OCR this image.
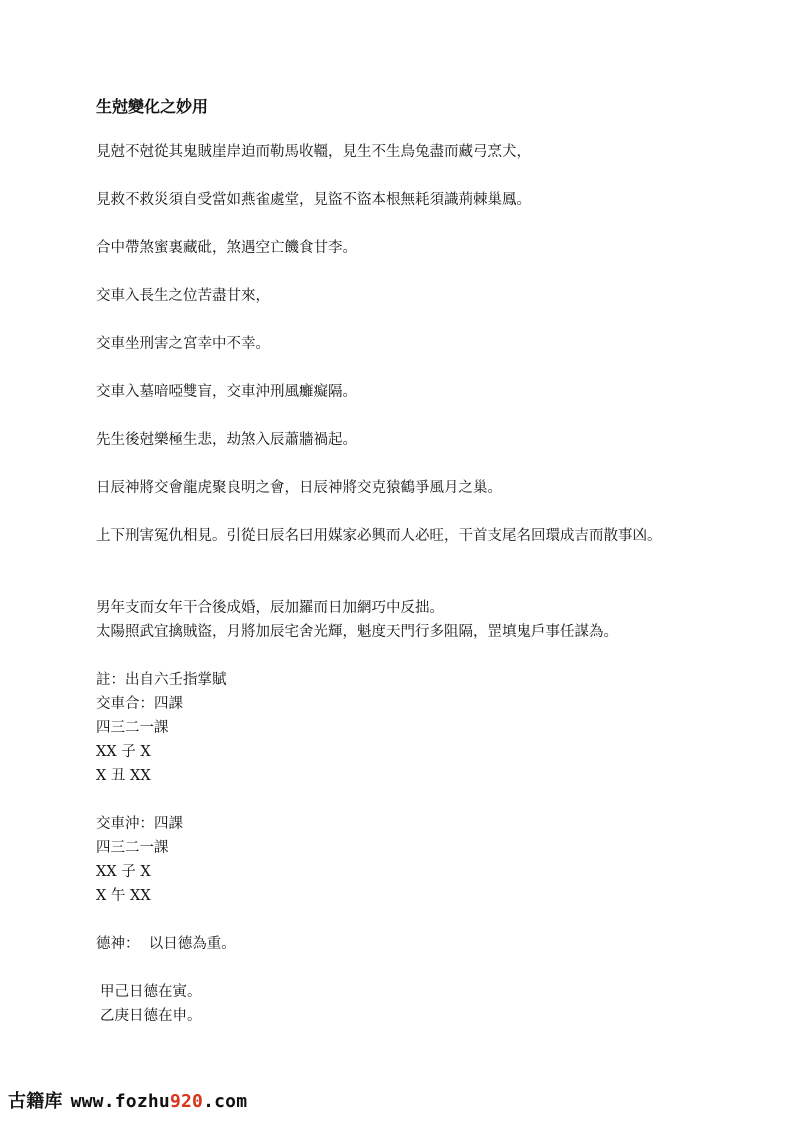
生尅變化之妙用

見尅不尅從其鬼賊崖岸迫而勒馬收韁，見生不生鳥兔盡而藏弓烹犬，

見救不救災須自受當如燕雀處堂，見盜不盜本根無耗須識荊棘巢鳳。

合中帶煞蜜裏藏砒，煞遇空亡饑食甘李。

交車入長生之位苦盡甘來，

交車坐刑害之宮幸中不幸。

交車入墓喑啞雙盲，交車沖刑風癱癡隔。

先生後尅樂極生悲，劫煞入辰蕭牆禍起。

日辰神將交會龍虎聚良明之會，日辰神將交克猿鶴爭風月之巢。

上下刑害冤仇相見。引從日辰名曰用媒家必興而人必旺，干首支尾名回環成吉而散事凶。

男年支而女年干合後成婚，辰加羅而日加網巧中反拙。

太陽照武宜擒賊盜，月將加辰宅舍光輝，魁度天門行多阻隔，罡填鬼戶事任謀為。

註：出自六壬指掌賦

交車合：四課

四三二一課

XX 子 X

X 丑 XX

交車沖：四課

四三二一課

XX 子 X

X 午 XX

德神：  以日德為重。

甲己日德在寅。

乙庚日德在申。

古籍库 www.fozhu920.com
